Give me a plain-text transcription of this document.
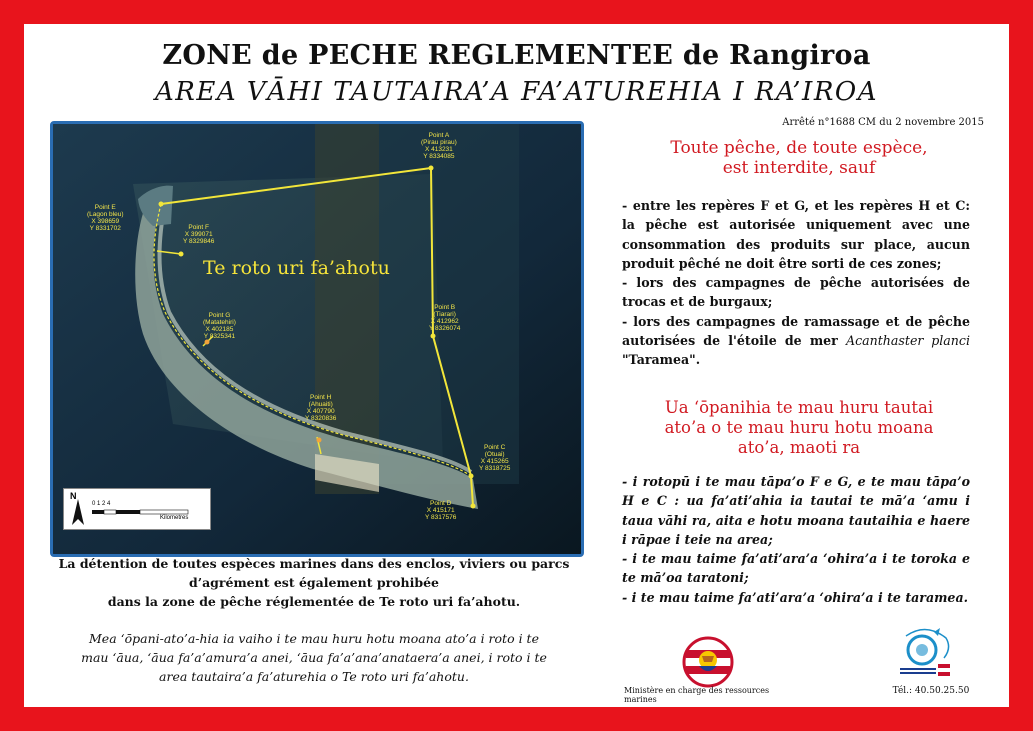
ZONE de PECHE REGLEMENTEE de Rangiroa
AREA VĀHI TAUTAIRA’A FA’ATUREHIA I RA’IROA
Te roto uri fa’ahotu
Point A
(Pirau pirau)
X 413231
Y 8334085
Point B
(Tiarari)
X 412962
Y 8326074
Point C
(Otuai)
X 415265
Y 8318725
Point D
X 415171
Y 8317576
Point E
(Lagon bleu)
X 398659
Y 8331702	Point F
X 399071
Y 8329846
Point G
(Matatehiri)
X 402185
Y 8325341
Point H
(Ahuaiti)
X 407790
Y 8320836
N
0 1 2 4
Kilometres
Arrêté n°1688 CM du 2 novembre 2015
Toute pêche, de toute espèce,
est interdite, sauf

- entre les repères F et G, et les repères H et C: la pêche est autorisée uniquement avec une consommation des produits sur place, aucun produit pêché ne doit être sorti de ces zones;

- lors des campagnes de pêche autorisées de trocas et de burgaux;

- lors des campagnes de ramassage et de pêche autorisées de l'étoile de mer Acanthaster planci "Taramea".

Ua ‘ōpanihia te mau huru tautai
ato’a o te mau huru hotu moana
ato’a, maoti ra

- i rotopū i te mau tāpa’o F e G, e te mau tāpa’o H e C : ua fa’ati’ahia ia tautai te mā’a ‘amu i taua vāhi ra, aita e hotu moana tautaihia e haere i rāpae i teie na area;

- i te mau taime fa’ati’ara’a ‘ohira’a i te toroka e te mā’oa taratoni;

- i te mau taime fa’ati’ara’a ‘ohira’a i te taramea.

La détention de toutes espèces marines dans des enclos, viviers ou parcs
d’agrément est également prohibée
dans la zone de pêche réglementée de Te roto uri fa’ahotu.
Mea ‘ōpani-ato’a-hia ia vaiho i te mau huru hotu moana ato’a i roto i te
mau ‘āua, ‘āua fa’a’amura’a anei, ‘āua fa’a’ana’anataera’a anei, i roto i te
area tautaira’a fa’aturehia o Te roto uri fa’ahotu.
Ministère en charge des ressources marines
Tél.: 40.50.25.50
